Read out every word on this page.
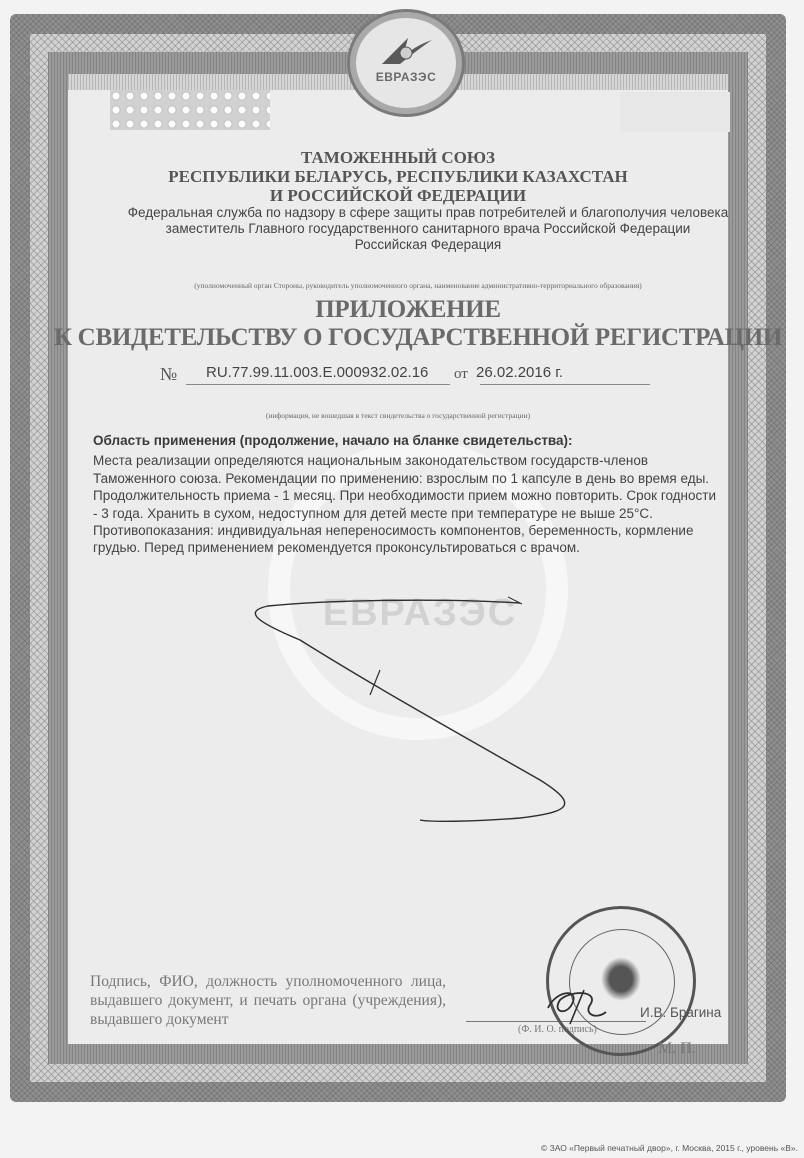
ЕВРАЗЭС
ЕВРАЗЭС
ТАМОЖЕННЫЙ СОЮЗ
РЕСПУБЛИКИ БЕЛАРУСЬ, РЕСПУБЛИКИ КАЗАХСТАН
И РОССИЙСКОЙ ФЕДЕРАЦИИ
Федеральная служба по надзору в сфере защиты прав потребителей и благополучия человека
заместитель Главного государственного санитарного врача Российской Федерации
Российская Федерация
(уполномоченный орган Стороны, руководитель уполномоченного органа, наименование административно-территориального образования)
ПРИЛОЖЕНИЕ
К СВИДЕТЕЛЬСТВУ О ГОСУДАРСТВЕННОЙ РЕГИСТРАЦИИ
№ RU.77.99.11.003.E.000932.02.16 от 26.02.2016 г.
(информация, не вошедшая в текст свидетельства о государственной регистрации)
Область применения (продолжение, начало на бланке свидетельства):
Места реализации определяются национальным законодательством государств-членов
Таможенного союза. Рекомендации по применению: взрослым по 1 капсуле в день во время еды.
Продолжительность приема - 1 месяц. При необходимости прием можно повторить. Срок годности
- 3 года. Хранить в сухом, недоступном для детей месте при температуре не выше 25°С.
Противопоказания: индивидуальная непереносимость компонентов, беременность, кормление
грудью. Перед применением рекомендуется проконсультироваться с врачом.
Подпись, ФИО, должность уполномоченного лица, выдавшего документ, и печать органа (учреждения), выдавшего документ
(Ф. И. О. подпись)
И.В. Брагина
М. П.
© ЗАО «Первый печатный двор», г. Москва, 2015 г., уровень «В».
